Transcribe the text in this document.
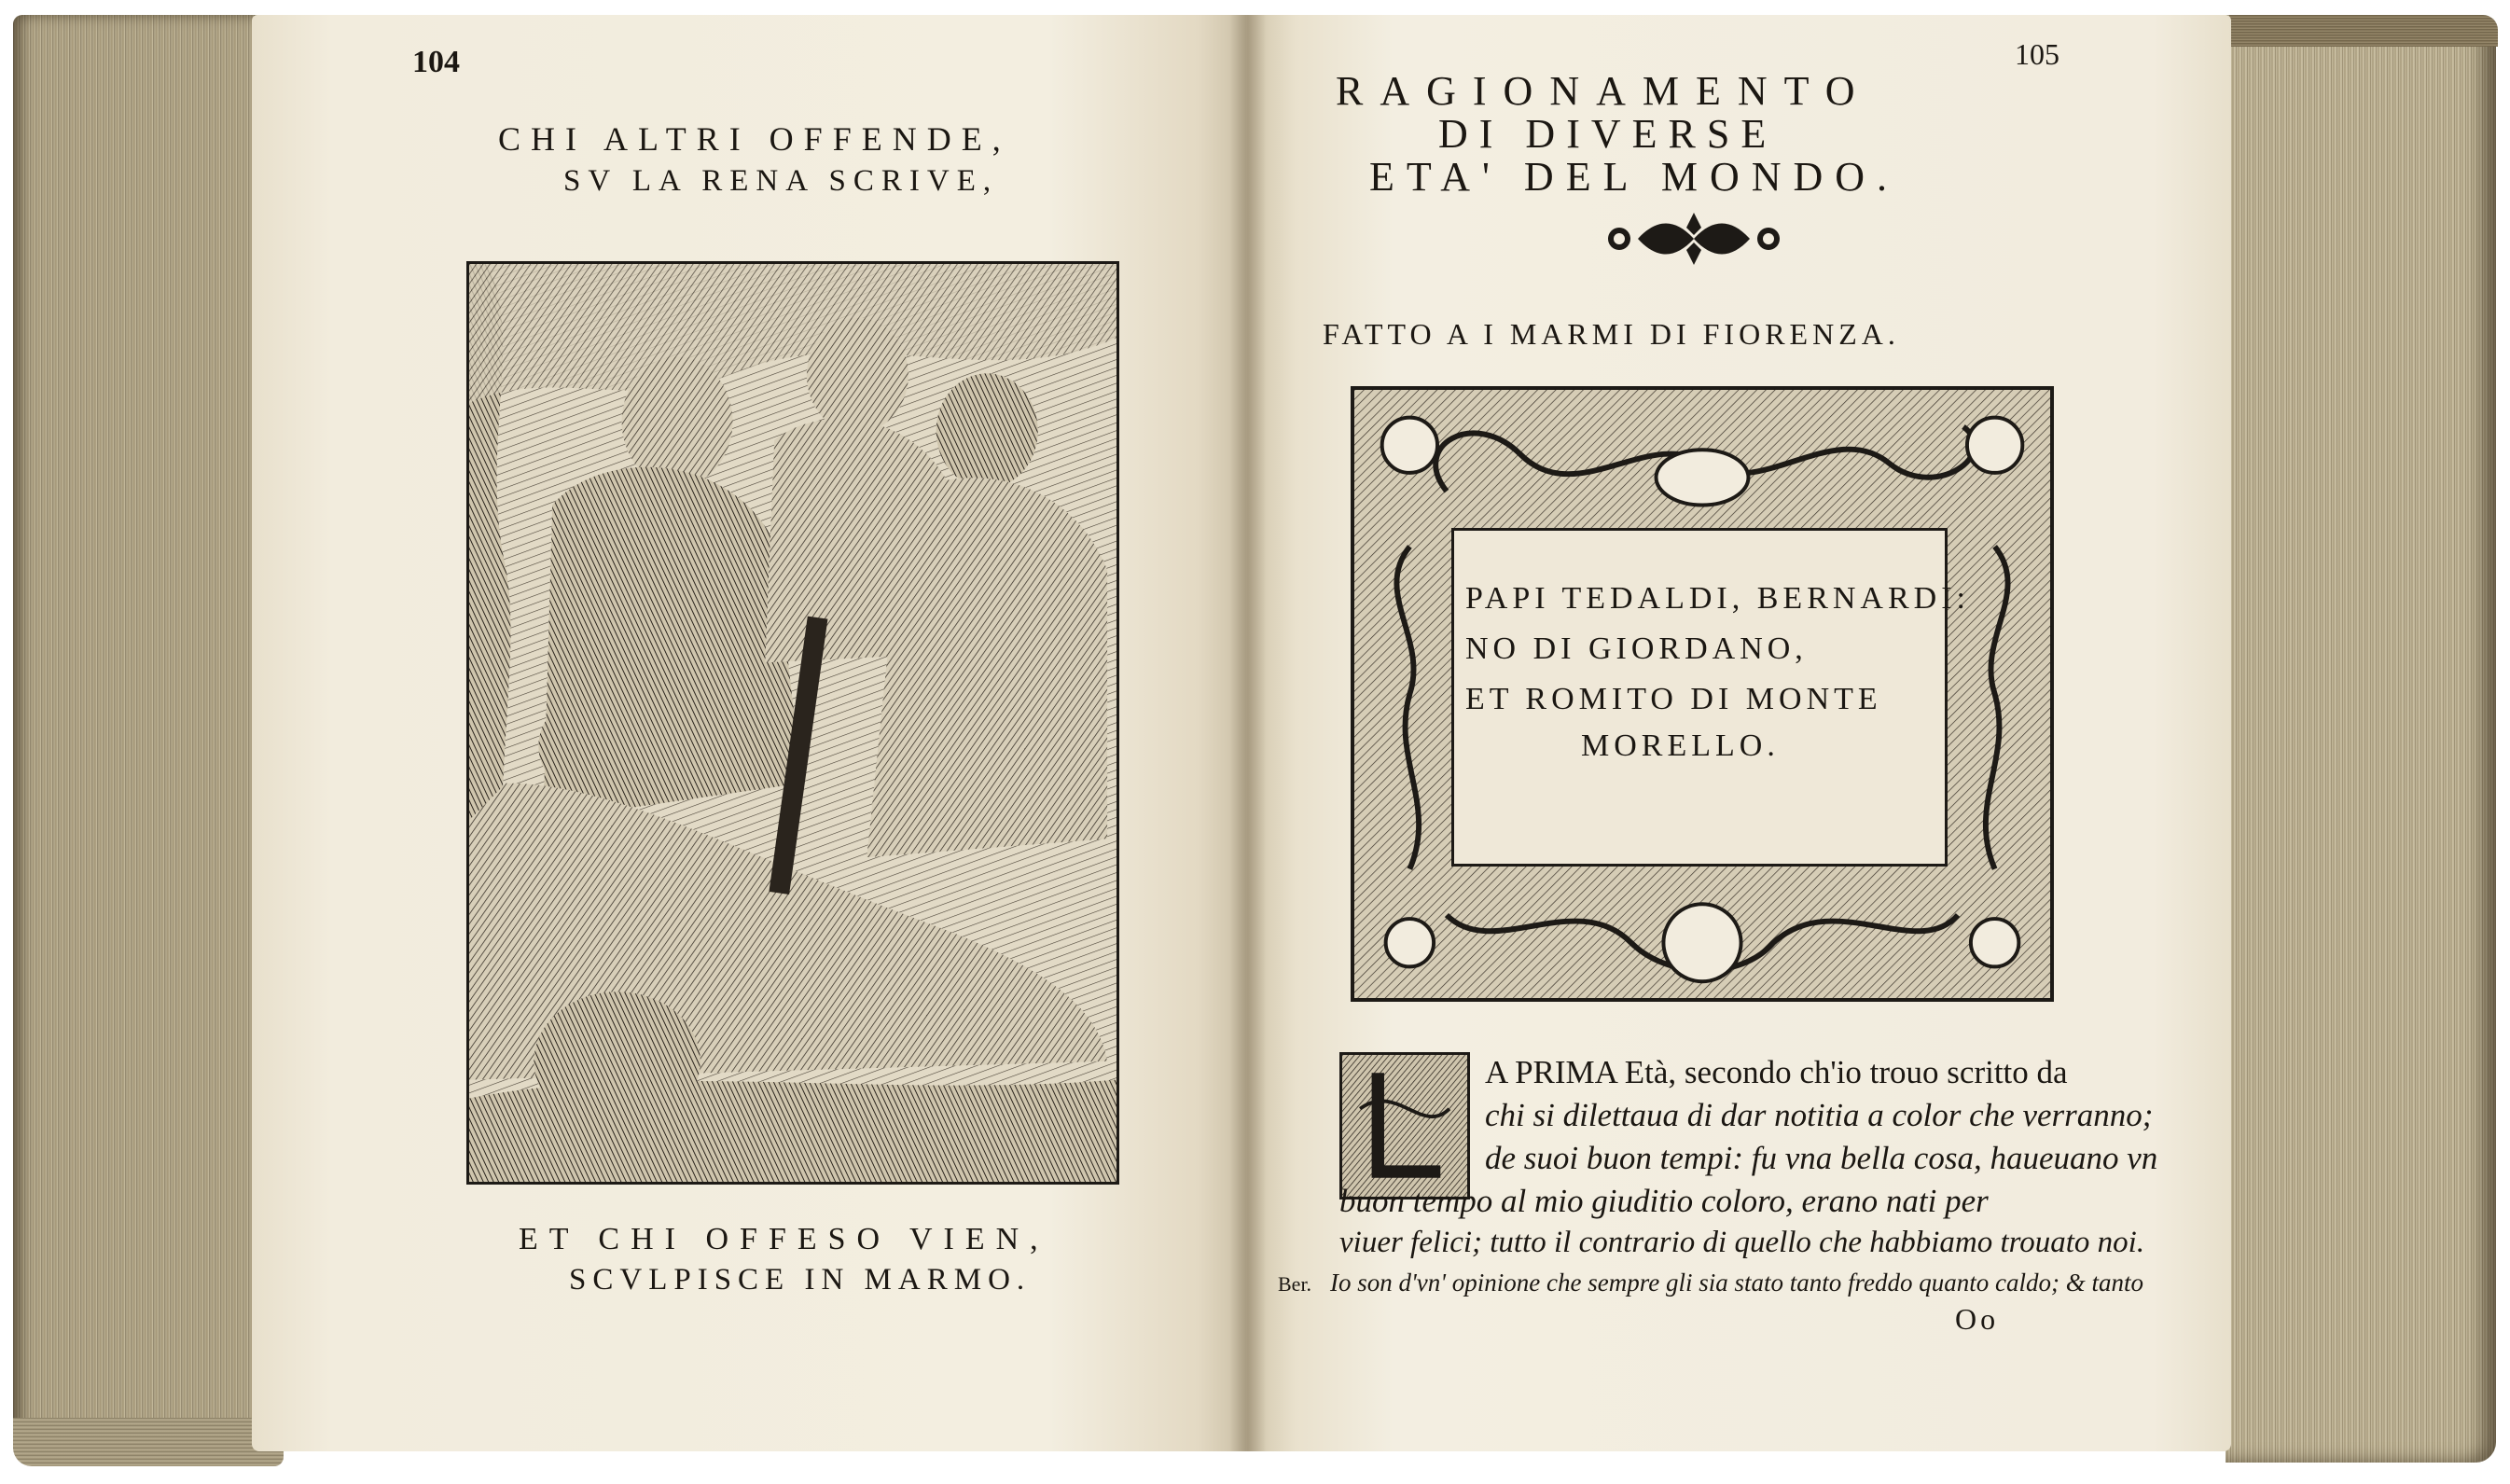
104
CHI ALTRI OFFENDE,
SV LA RENA SCRIVE,
ET CHI OFFESO VIEN,
SCVLPISCE IN MARMO.
105
RAGIONAMENTO
DI DIVERSE
ETA' DEL MONDO.
FATTO A I MARMI DI FIORENZA.
PAPI TEDALDI, BERNARDI:
NO DI GIORDANO,
ET ROMITO DI MONTE
MORELLO.
A PRIMA Età, secondo ch'io trouo scritto da
chi si dilettaua di dar notitia a color che verranno;
de suoi buon tempi: fu vna bella cosa, haueuano vn
buon tempo al mio giuditio coloro, erano nati per
viuer felici; tutto il contrario di quello che habbiamo trouato noi.
Ber. Io son d'vn' opinione che sempre gli sia stato tanto freddo quanto caldo; & tanto
Oo
